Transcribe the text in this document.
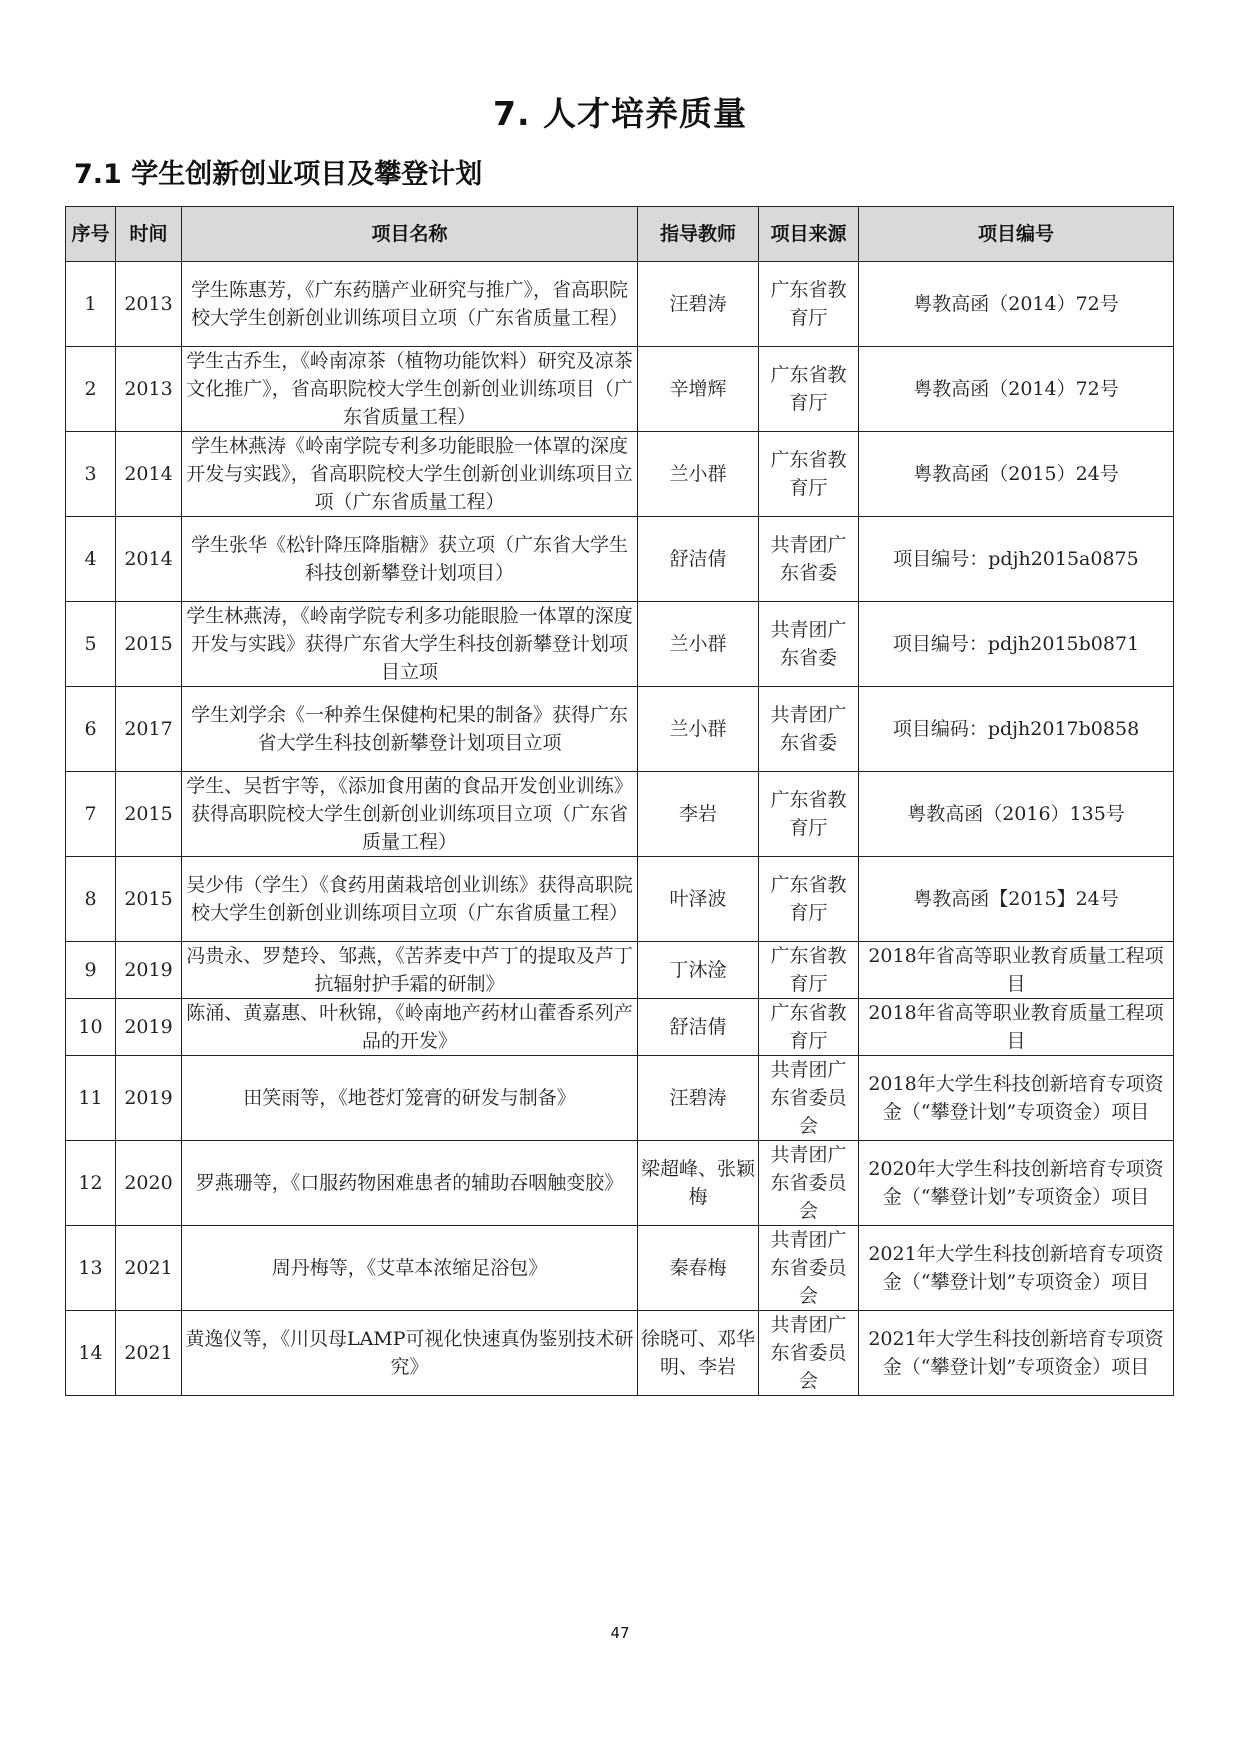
7. 人才培养质量
7.1 学生创新创业项目及攀登计划
序号	时间	项目名称	指导教师	项目来源	项目编号
1	2013	学生陈惠芳，《广东药膳产业研究与推广》，省高职院校大学生创新创业训练项目立项（广东省质量工程）	汪碧涛	广东省教育厅	粤教高函（2014）72号
2	2013	学生古乔生，《岭南凉茶（植物功能饮料）研究及凉茶文化推广》，省高职院校大学生创新创业训练项目（广东省质量工程）	辛增辉	广东省教育厅	粤教高函（2014）72号
3	2014	学生林燕涛《岭南学院专利多功能眼脸一体罩的深度开发与实践》，省高职院校大学生创新创业训练项目立项（广东省质量工程）	兰小群	广东省教育厅	粤教高函（2015）24号
4	2014	学生张华《松针降压降脂糖》获立项（广东省大学生科技创新攀登计划项目）	舒洁倩	共青团广东省委	项目编号：pdjh2015a0875
5	2015	学生林燕涛，《岭南学院专利多功能眼脸一体罩的深度开发与实践》获得广东省大学生科技创新攀登计划项目立项	兰小群	共青团广东省委	项目编号：pdjh2015b0871
6	2017	学生刘学余《一种养生保健枸杞果的制备》获得广东省大学生科技创新攀登计划项目立项	兰小群	共青团广东省委	项目编码：pdjh2017b0858
7	2015	学生、吴哲宇等，《添加食用菌的食品开发创业训练》获得高职院校大学生创新创业训练项目立项（广东省质量工程）	李岩	广东省教育厅	粤教高函（2016）135号
8	2015	吴少伟（学生）《食药用菌栽培创业训练》获得高职院校大学生创新创业训练项目立项（广东省质量工程）	叶泽波	广东省教育厅	粤教高函【2015】24号
9	2019	冯贵永、罗楚玲、邹燕，《苦荞麦中芦丁的提取及芦丁抗辐射护手霜的研制》	丁沐淦	广东省教育厅	2018年省高等职业教育质量工程项目
10	2019	陈涌、黄嘉惠、叶秋锦，《岭南地产药材山藿香系列产品的开发》	舒洁倩	广东省教育厅	2018年省高等职业教育质量工程项目
11	2019	田笑雨等，《地苍灯笼膏的研发与制备》	汪碧涛	共青团广东省委员会	2018年大学生科技创新培育专项资金（“攀登计划”专项资金）项目
12	2020	罗燕珊等，《口服药物困难患者的辅助吞咽触变胶》	梁超峰、张颖梅	共青团广东省委员会	2020年大学生科技创新培育专项资金（“攀登计划”专项资金）项目
13	2021	周丹梅等，《艾草本浓缩足浴包》	秦春梅	共青团广东省委员会	2021年大学生科技创新培育专项资金（“攀登计划”专项资金）项目
14	2021	黄逸仪等，《川贝母LAMP可视化快速真伪鉴别技术研究》	徐晓可、邓华明、李岩	共青团广东省委员会	2021年大学生科技创新培育专项资金（“攀登计划”专项资金）项目
47
